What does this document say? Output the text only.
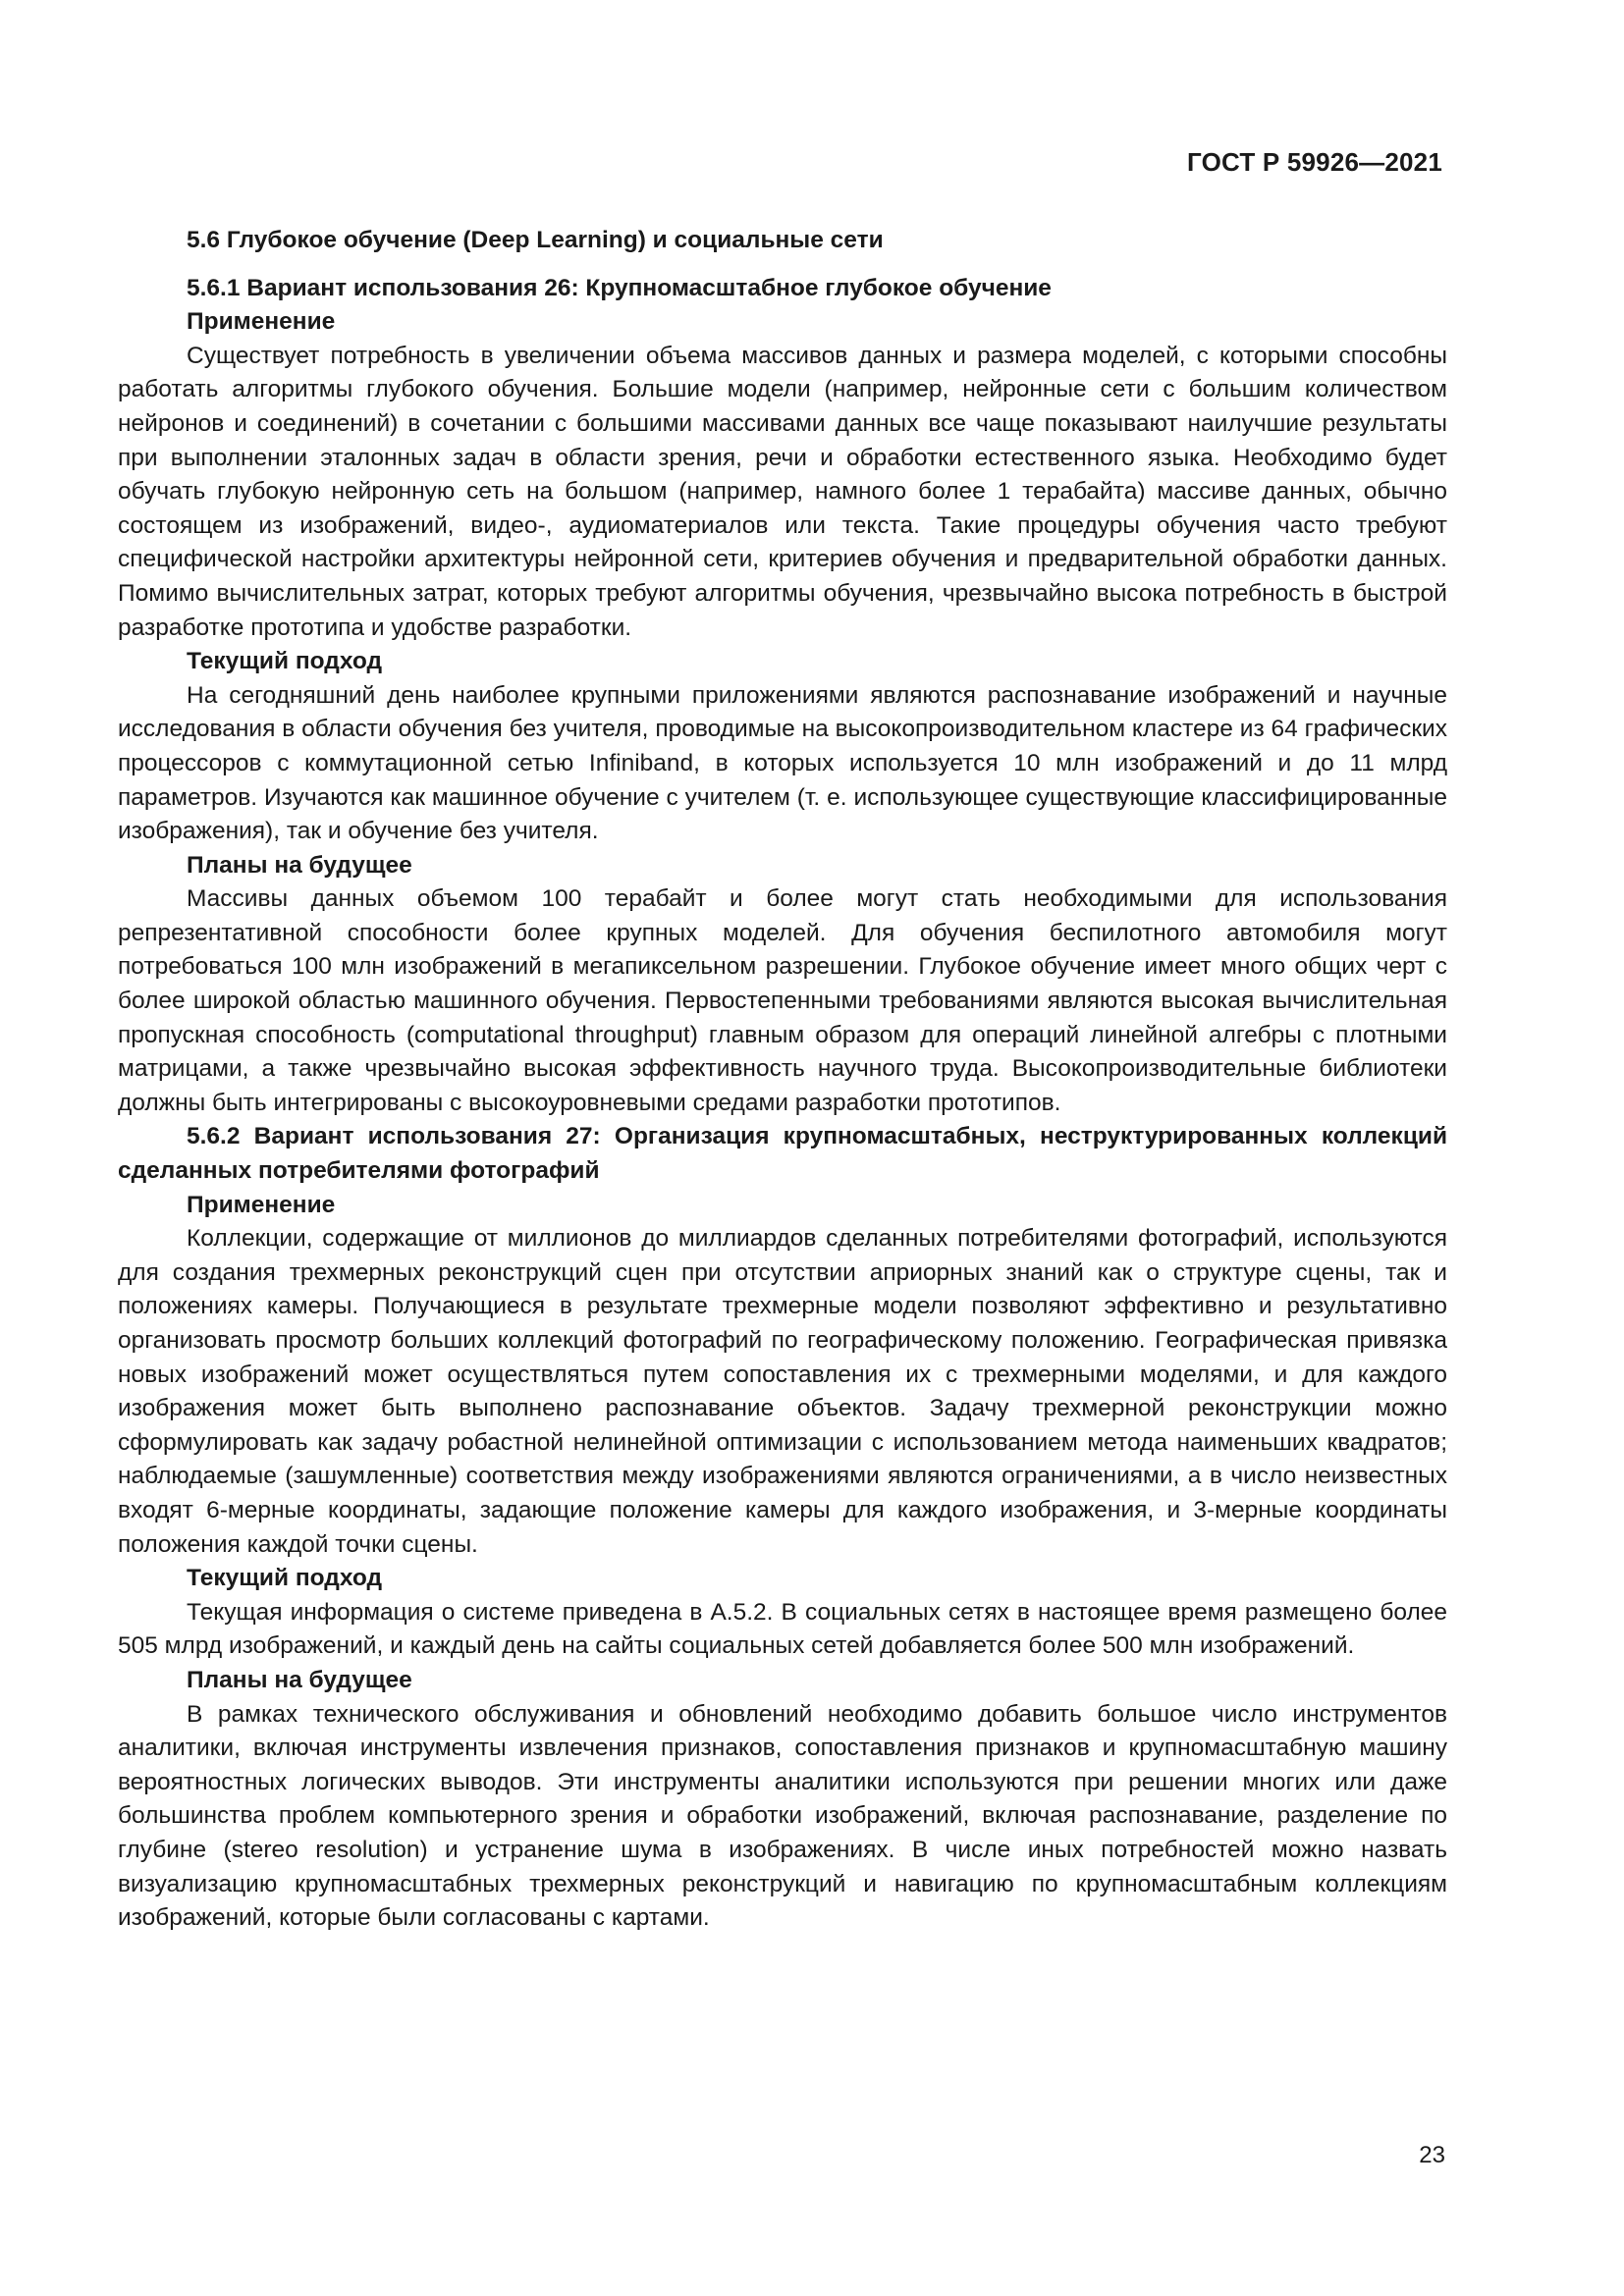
ГОСТ Р 59926—2021
5.6 Глубокое обучение (Deep Learning) и социальные сети
5.6.1 Вариант использования 26: Крупномасштабное глубокое обучение
Применение

Существует потребность в увеличении объема массивов данных и размера моделей, с которыми способны работать алгоритмы глубокого обучения. Большие модели (например, нейронные сети с большим количеством нейронов и соединений) в сочетании с большими массивами данных все чаще показывают наилучшие результаты при выполнении эталонных задач в области зрения, речи и обработки естественного языка. Необходимо будет обучать глубокую нейронную сеть на большом (например, намного более 1 терабайта) массиве данных, обычно состоящем из изображений, видео-, аудиоматериалов или текста. Такие процедуры обучения часто требуют специфической настройки архитектуры нейронной сети, критериев обучения и предварительной обработки данных. Помимо вычислительных затрат, которых требуют алгоритмы обучения, чрезвычайно высока потребность в быстрой разработке прототипа и удобстве разработки.

Текущий подход

На сегодняшний день наиболее крупными приложениями являются распознавание изображений и научные исследования в области обучения без учителя, проводимые на высокопроизводительном кластере из 64 графических процессоров с коммутационной сетью Infiniband, в которых используется 10 млн изображений и до 11 млрд параметров. Изучаются как машинное обучение с учителем (т. е. использующее существующие классифицированные изображения), так и обучение без учителя.

Планы на будущее

Массивы данных объемом 100 терабайт и более могут стать необходимыми для использования репрезентативной способности более крупных моделей. Для обучения беспилотного автомобиля могут потребоваться 100 млн изображений в мегапиксельном разрешении. Глубокое обучение имеет много общих черт с более широкой областью машинного обучения. Первостепенными требованиями являются высокая вычислительная пропускная способность (computational throughput) главным образом для операций линейной алгебры с плотными матрицами, а также чрезвычайно высокая эффективность научного труда. Высокопроизводительные библиотеки должны быть интегрированы с высокоуровневыми средами разработки прототипов.

5.6.2 Вариант использования 27: Организация крупномасштабных, неструктурированных коллекций сделанных потребителями фотографий
Применение

Коллекции, содержащие от миллионов до миллиардов сделанных потребителями фотографий, используются для создания трехмерных реконструкций сцен при отсутствии априорных знаний как о структуре сцены, так и положениях камеры. Получающиеся в результате трехмерные модели позволяют эффективно и результативно организовать просмотр больших коллекций фотографий по географическому положению. Географическая привязка новых изображений может осуществляться путем сопоставления их с трехмерными моделями, и для каждого изображения может быть выполнено распознавание объектов. Задачу трехмерной реконструкции можно сформулировать как задачу робастной нелинейной оптимизации с использованием метода наименьших квадратов; наблюдаемые (зашумленные) соответствия между изображениями являются ограничениями, а в число неизвестных входят 6-мерные координаты, задающие положение камеры для каждого изображения, и 3-мерные координаты положения каждой точки сцены.

Текущий подход

Текущая информация о системе приведена в А.5.2. В социальных сетях в настоящее время размещено более 505 млрд изображений, и каждый день на сайты социальных сетей добавляется более 500 млн изображений.

Планы на будущее

В рамках технического обслуживания и обновлений необходимо добавить большое число инструментов аналитики, включая инструменты извлечения признаков, сопоставления признаков и крупномасштабную машину вероятностных логических выводов. Эти инструменты аналитики используются при решении многих или даже большинства проблем компьютерного зрения и обработки изображений, включая распознавание, разделение по глубине (stereo resolution) и устранение шума в изображениях. В числе иных потребностей можно назвать визуализацию крупномасштабных трехмерных реконструкций и навигацию по крупномасштабным коллекциям изображений, которые были согласованы с картами.

23
